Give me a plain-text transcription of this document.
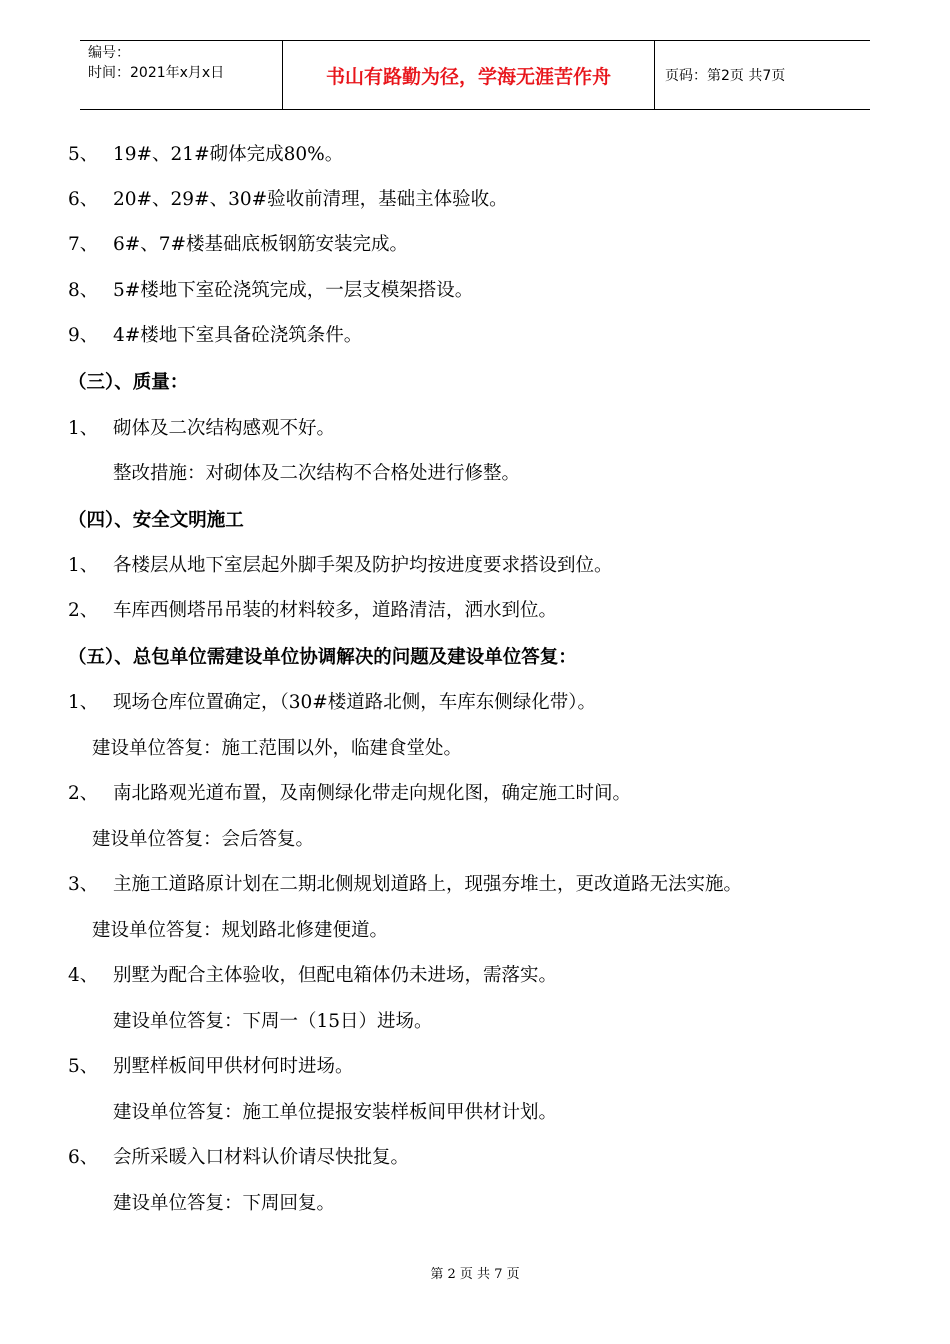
编号：
时间：2021年x月x日	书山有路勤为径，学海无涯苦作舟	页码：第2页 共7页
5、 19#、21#砌体完成80%。
6、 20#、29#、30#验收前清理，基础主体验收。
7、 6#、7#楼基础底板钢筋安装完成。
8、 5#楼地下室砼浇筑完成，一层支模架搭设。
9、 4#楼地下室具备砼浇筑条件。
（三）、质量：
1、 砌体及二次结构感观不好。
整改措施：对砌体及二次结构不合格处进行修整。
（四）、安全文明施工
1、 各楼层从地下室层起外脚手架及防护均按进度要求搭设到位。
2、 车库西侧塔吊吊装的材料较多，道路清洁，洒水到位。
（五）、总包单位需建设单位协调解决的问题及建设单位答复：
1、 现场仓库位置确定，（30#楼道路北侧，车库东侧绿化带）。
建设单位答复：施工范围以外，临建食堂处。
2、 南北路观光道布置，及南侧绿化带走向规化图，确定施工时间。
建设单位答复：会后答复。
3、 主施工道路原计划在二期北侧规划道路上，现强夯堆土，更改道路无法实施。
建设单位答复：规划路北修建便道。
4、 别墅为配合主体验收，但配电箱体仍未进场，需落实。
建设单位答复：下周一（15日）进场。
5、 别墅样板间甲供材何时进场。
建设单位答复：施工单位提报安装样板间甲供材计划。
6、 会所采暖入口材料认价请尽快批复。
建设单位答复：下周回复。
第 2 页 共 7 页
